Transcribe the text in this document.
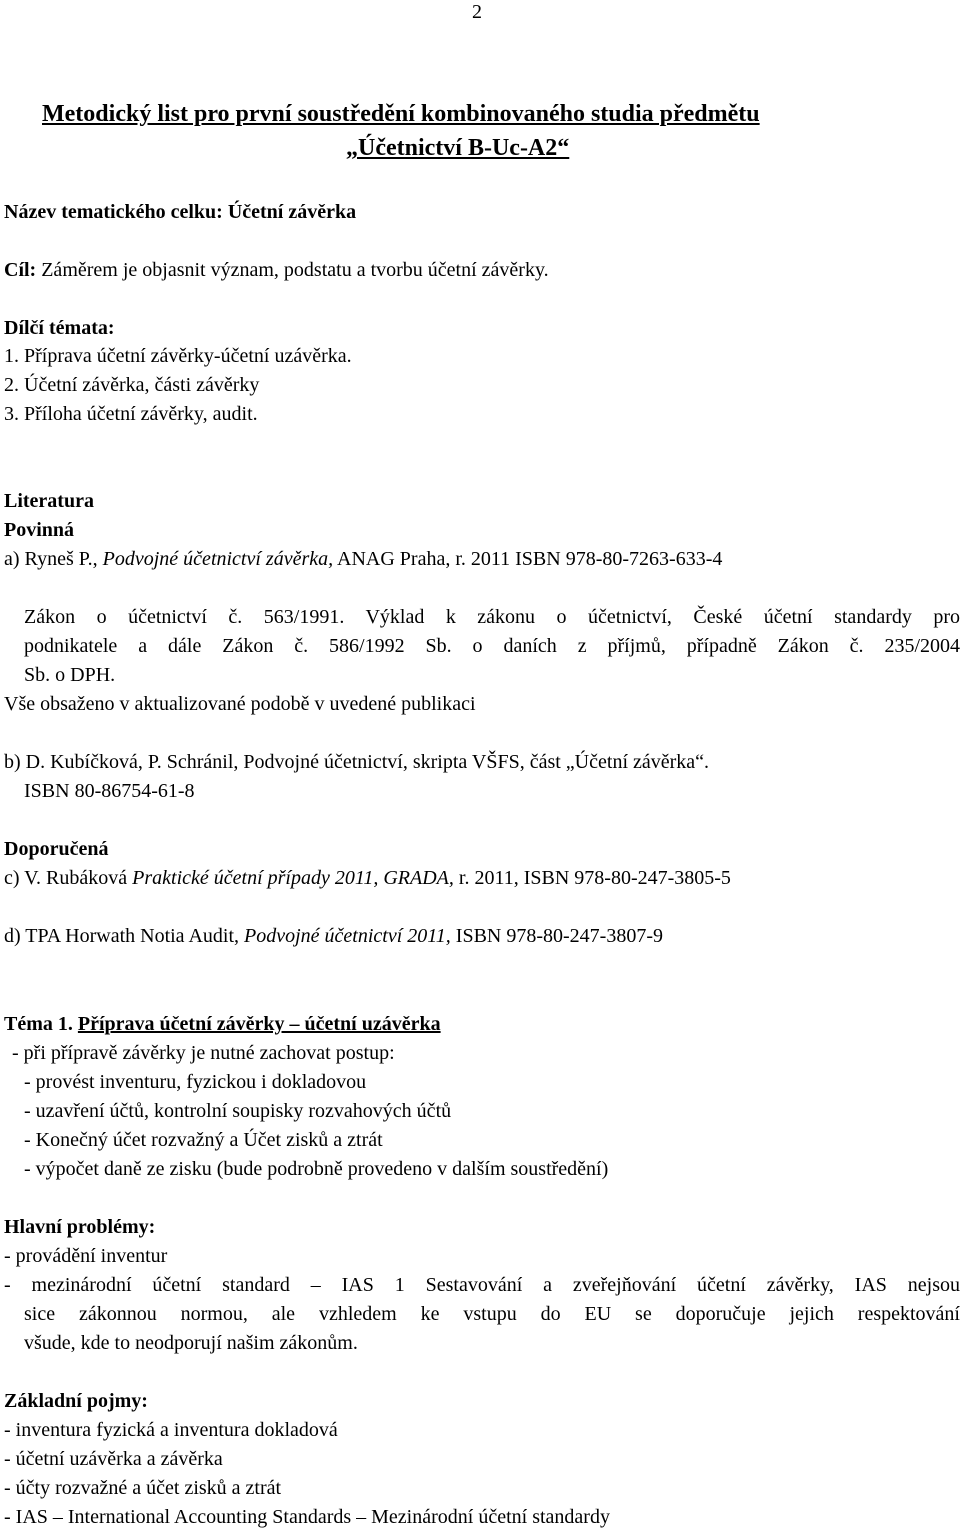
2
Metodický list pro první soustředění kombinovaného studia předmětu
„Účetnictví B-Uc-A2“
Název tematického celku: Účetní závěrka
Cíl: Záměrem je objasnit význam, podstatu a tvorbu účetní závěrky.
Dílčí témata:
1. Příprava účetní závěrky-účetní uzávěrka.
2. Účetní závěrka, části závěrky
3. Příloha účetní závěrky, audit.
Literatura
Povinná
a) Ryneš P., Podvojné účetnictví závěrka, ANAG Praha, r. 2011 ISBN 978-80-7263-633-4
Zákon o účetnictví č. 563/1991. Výklad k zákonu o účetnictví, České účetní standardy pro
podnikatele a dále Zákon č. 586/1992 Sb. o daních z příjmů, případně Zákon č. 235/2004
Sb. o DPH.
Vše obsaženo v aktualizované podobě v uvedené publikaci
b) D. Kubíčková, P. Schránil, Podvojné účetnictví, skripta VŠFS, část „Účetní závěrka“.
ISBN 80-86754-61-8
Doporučená
c) V. Rubáková Praktické účetní případy 2011, GRADA, r. 2011, ISBN 978-80-247-3805-5
d) TPA Horwath Notia Audit, Podvojné účetnictví 2011, ISBN 978-80-247-3807-9
Téma 1. Příprava účetní závěrky – účetní uzávěrka
- při přípravě závěrky je nutné zachovat postup:
- provést inventuru, fyzickou i dokladovou
- uzavření účtů, kontrolní soupisky rozvahových účtů
- Konečný účet rozvažný a Účet zisků a ztrát
- výpočet daně ze zisku (bude podrobně provedeno v dalším soustředění)
Hlavní problémy:
- provádění inventur
- mezinárodní účetní standard – IAS 1 Sestavování a zveřejňování účetní závěrky, IAS nejsou
sice zákonnou normou, ale vzhledem ke vstupu do EU se doporučuje jejich respektování
všude, kde to neodporují našim zákonům.
Základní pojmy:
- inventura fyzická a inventura dokladová
- účetní uzávěrka a závěrka
- účty rozvažné a účet zisků a ztrát
- IAS – International Accounting Standards – Mezinárodní účetní standardy
